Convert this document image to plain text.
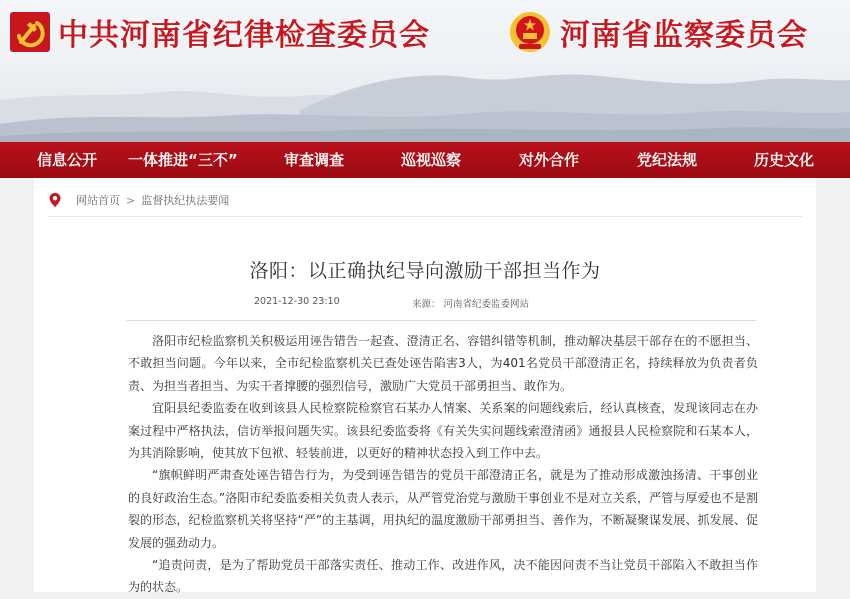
中共河南省纪律检查委员会	河南省监察委员会
信息公开 一体推进“三不”	审查调查	巡视巡察	对外合作	党纪法规	历史文化
网站首页 > 监督执纪执法要闻
洛阳：以正确执纪导向激励干部担当作为
2021-12-30 23:10	来源： 河南省纪委监委网站

洛阳市纪检监察机关积极运用诬告错告一起查、澄清正名、容错纠错等机制，推动解决基层干部存在的不愿担当、不敢担当问题。今年以来，全市纪检监察机关已查处诬告陷害3人，为401名党员干部澄清正名，持续释放为负责者负责、为担当者担当、为实干者撑腰的强烈信号，激励广大党员干部勇担当、敢作为。

宜阳县纪委监委在收到该县人民检察院检察官石某办人情案、关系案的问题线索后，经认真核查，发现该同志在办案过程中严格执法，信访举报问题失实。该县纪委监委将《有关失实问题线索澄清函》通报县人民检察院和石某本人，为其消除影响，使其放下包袱、轻装前进，以更好的精神状态投入到工作中去。

“旗帜鲜明严肃查处诬告错告行为，为受到诬告错告的党员干部澄清正名，就是为了推动形成激浊扬清、干事创业的良好政治生态。”洛阳市纪委监委相关负责人表示，从严管党治党与激励干事创业不是对立关系，严管与厚爱也不是割裂的形态，纪检监察机关将坚持“严”的主基调，用执纪的温度激励干部勇担当、善作为，不断凝聚谋发展、抓发展、促发展的强劲动力。

“追责问责，是为了帮助党员干部落实责任、推动工作、改进作风，决不能因问责不当让党员干部陷入不敢担当作为的状态。
